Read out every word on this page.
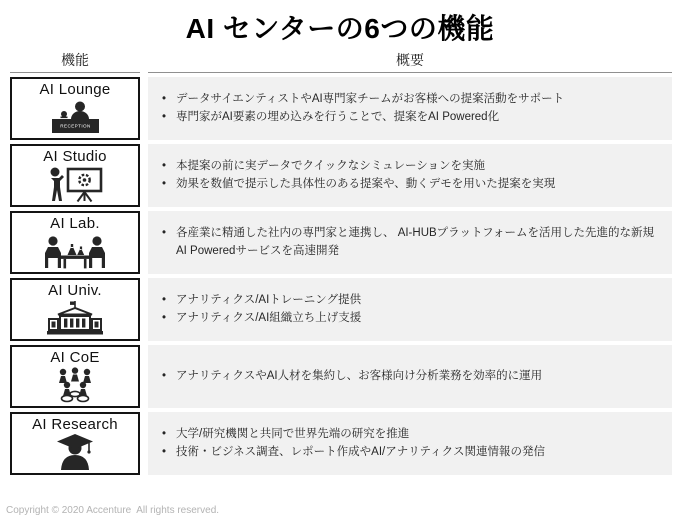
AI センターの6つの機能
機能	概要
AI Lounge
RECEPTION
• データサイエンティストやAI専門家チームがお客様への提案活動をサポート
• 専門家がAI要素の埋め込みを行うことで、提案をAI Powered化
AI Studio
• 本提案の前に実データでクイックなシミュレーションを実施
• 効果を数値で提示した具体性のある提案や、動くデモを用いた提案を実現
AI Lab.
• 各産業に精通した社内の専門家と連携し、 AI-HUBプラットフォームを活用した先進的な新規AI Poweredサービスを高速開発
AI Univ.
• アナリティクス/AIトレーニング提供
• アナリティクス/AI組織立ち上げ支援
AI CoE
• アナリティクスやAI人材を集約し、お客様向け分析業務を効率的に運用
AI Research
• 大学/研究機関と共同で世界先端の研究を推進
• 技術・ビジネス調査、レポート作成やAI/アナリティクス関連情報の発信
Copyright © 2020 Accenture  All rights reserved.
